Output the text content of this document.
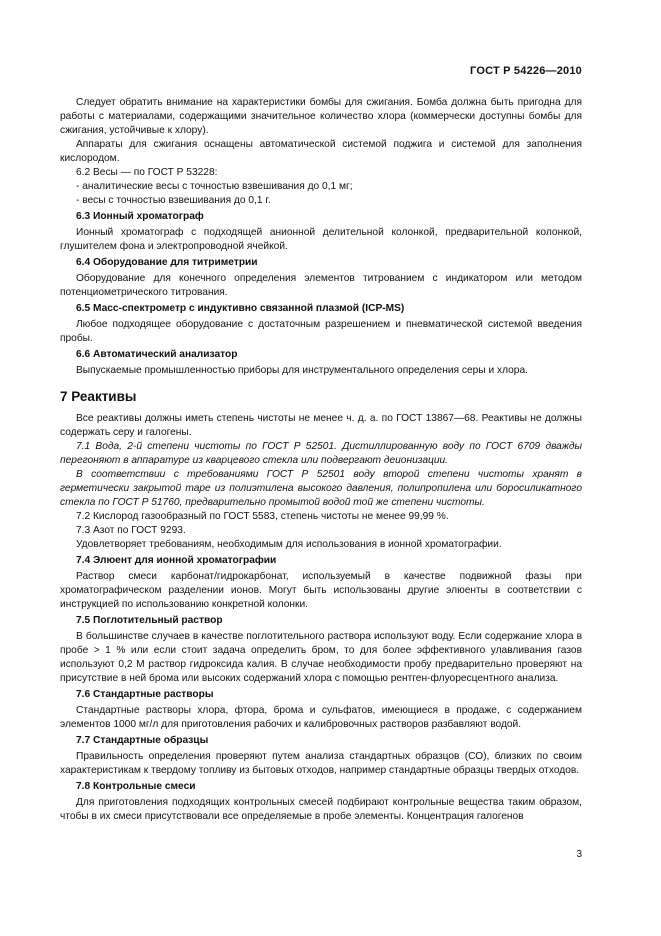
ГОСТ Р 54226—2010

Следует обратить внимание на характеристики бомбы для сжигания. Бомба должна быть пригодна для работы с материалами, содержащими значительное количество хлора (коммерчески доступны бомбы для сжигания, устойчивые к хлору).

Аппараты для сжигания оснащены автоматической системой поджига и системой для заполнения кислородом.

6.2 Весы — по ГОСТ Р 53228:

- аналитические весы с точностью взвешивания до 0,1 мг;

- весы с точностью взвешивания до 0,1 г.

6.3 Ионный хроматограф

Ионный хроматограф с подходящей анионной делительной колонкой, предварительной колонкой, глушителем фона и электропроводной ячейкой.

6.4 Оборудование для титриметрии

Оборудование для конечного определения элементов титрованием с индикатором или методом потенциометрического титрования.

6.5 Масс-спектрометр с индуктивно связанной плазмой (ICP-MS)

Любое подходящее оборудование с достаточным разрешением и пневматической системой введения пробы.

6.6 Автоматический анализатор

Выпускаемые промышленностью приборы для инструментального определения серы и хлора.

7 Реактивы

Все реактивы должны иметь степень чистоты не менее ч. д. а. по ГОСТ 13867—68. Реактивы не должны содержать серу и галогены.

7.1 Вода, 2-й степени чистоты по ГОСТ Р 52501. Дистиллированную воду по ГОСТ 6709 дважды перегоняют в аппаратуре из кварцевого стекла или подвергают деионизации.

В соответствии с требованиями ГОСТ Р 52501 воду второй степени чистоты хранят в герметически закрытой таре из полиэтилена высокого давления, полипропилена или боросиликатного стекла по ГОСТ Р 51760, предварительно промытой водой той же степени чистоты.

7.2 Кислород газообразный по ГОСТ 5583, степень чистоты не менее 99,99 %.

7.3 Азот по ГОСТ 9293.

Удовлетворяет требованиям, необходимым для использования в ионной хроматографии.

7.4 Элюент для ионной хроматографии

Раствор смеси карбонат/гидрокарбонат, используемый в качестве подвижной фазы при хроматографическом разделении ионов. Могут быть использованы другие элюенты в соответствии с инструкцией по использованию конкретной колонки.

7.5 Поглотительный раствор

В большинстве случаев в качестве поглотительного раствора используют воду. Если содержание хлора в пробе > 1 % или если стоит задача определить бром, то для более эффективного улавливания газов используют 0,2 М раствор гидроксида калия. В случае необходимости пробу предварительно проверяют на присутствие в ней брома или высоких содержаний хлора с помощью рентген-флуоресцентного анализа.

7.6 Стандартные растворы

Стандартные растворы хлора, фтора, брома и сульфатов, имеющиеся в продаже, с содержанием элементов 1000 мг/л для приготовления рабочих и калибровочных растворов разбавляют водой.

7.7 Стандартные образцы

Правильность определения проверяют путем анализа стандартных образцов (СО), близких по своим характеристикам к твердому топливу из бытовых отходов, например стандартные образцы твердых отходов.

7.8 Контрольные смеси

Для приготовления подходящих контрольных смесей подбирают контрольные вещества таким образом, чтобы в их смеси присутствовали все определяемые в пробе элементы. Концентрация галогенов

3
